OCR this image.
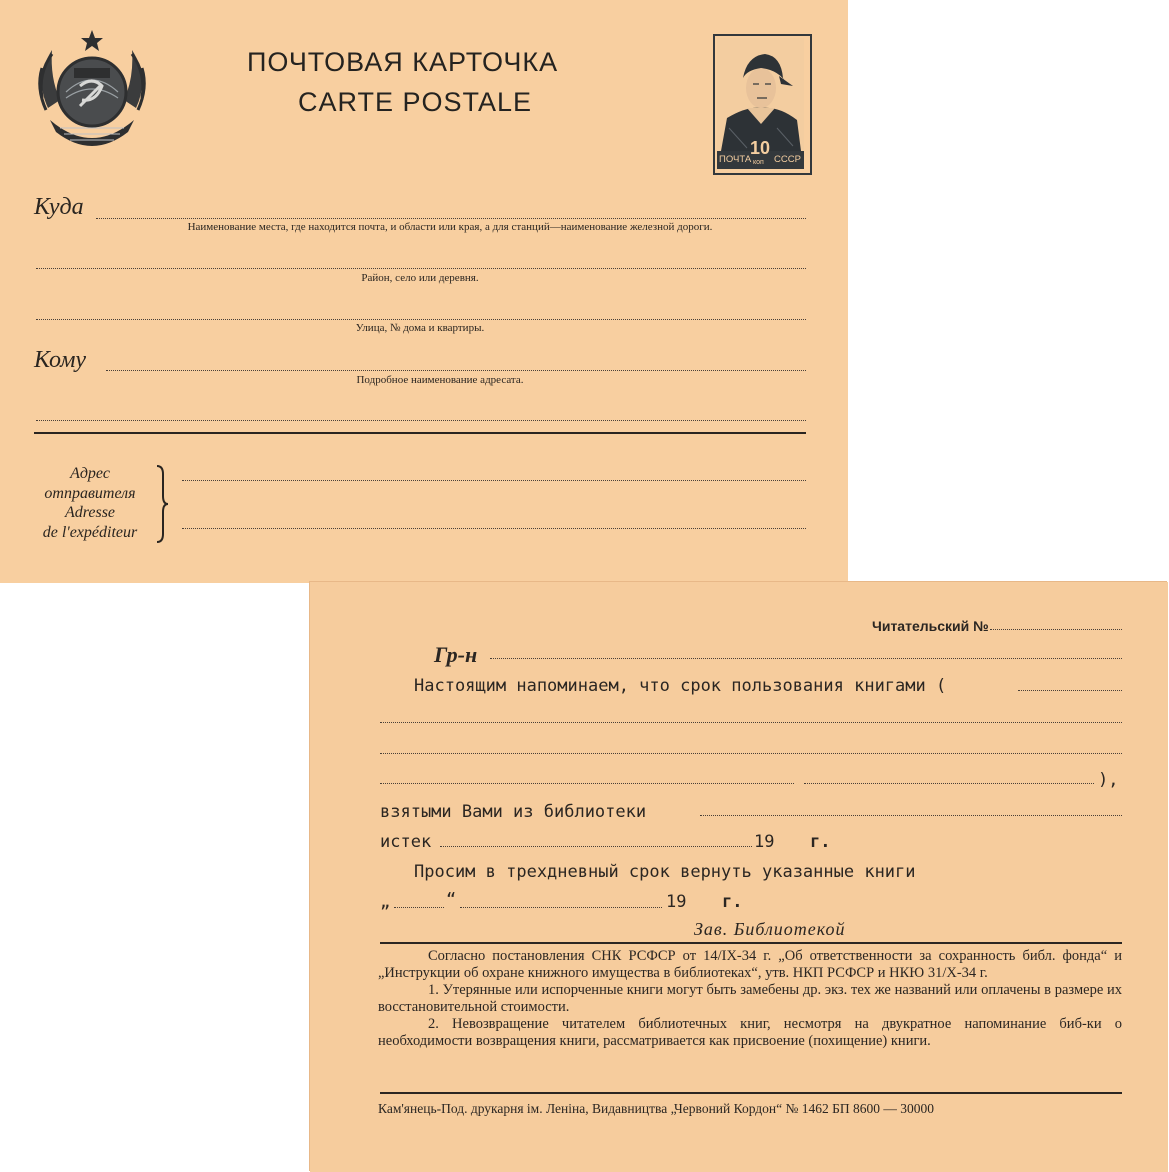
ПОЧТОВАЯ КАРТОЧКА
CARTE POSTALE
ПОЧТА
10
коп СССР
Куда
Наименование места, где находится почта, и области или края, а для станций—наименование железной дороги.
Район, село или деревня.
Улица, № дома и квартиры.
Кому
Подробное наименование адресата.
Адрес
отправителя
Adresse
de l'expéditeur
Читательский №
Гр-н
Настоящим напоминаем, что срок пользования книгами (
),
взятыми Вами из библиотеки
истек	19 г.
Просим в трехдневный срок вернуть указанные книги
„	“	19 г.
Зав. Библиотекой
Согласно постановления СНК РСФСР от 14/IX-34 г. „Об ответственности за сохранность библ. фонда“ и „Инструкции об охране книжного имущества в библиотеках“, утв. НКП РСФСР и НКЮ 31/X-34 г.
1. Утерянные или испорченные книги могут быть замебены др. экз. тех же названий или оплачены в размере их восстановительной стоимости.
2. Невозвращение читателем библиотечных книг, несмотря на двукратное напоминание биб-ки о необходимости возвращения книги, рассматривается как присвоение (похищение) книги.
Кам'янець-Под. друкарня ім. Леніна, Видавництва „Червоний Кордон“ № 1462 БП 8600 — 30000
